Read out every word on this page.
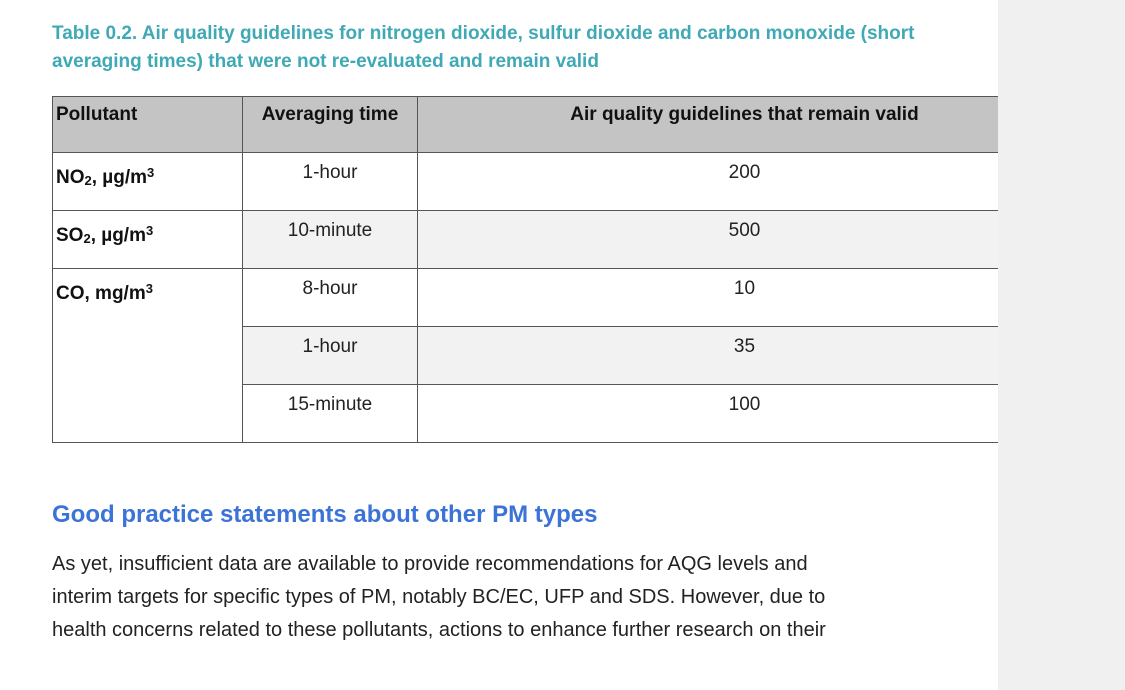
Table 0.2. Air quality guidelines for nitrogen dioxide, sulfur dioxide and carbon monoxide (short
averaging times) that were not re-evaluated and remain valid
Pollutant	Averaging time	Air quality guidelines that remain valid
$NO_2$, $\mu g/m^3$	1-hour	200
$SO_2$, $\mu g/m^3$	10-minute	500
CO, $mg/m^3$	8-hour	10
	1-hour	35
	15-minute	100
Good practice statements about other PM types
As yet, insufficient data are available to provide recommendations for AQG levels and
interim targets for specific types of PM, notably BC/EC, UFP and SDS. However, due to
health concerns related to these pollutants, actions to enhance further research on their
